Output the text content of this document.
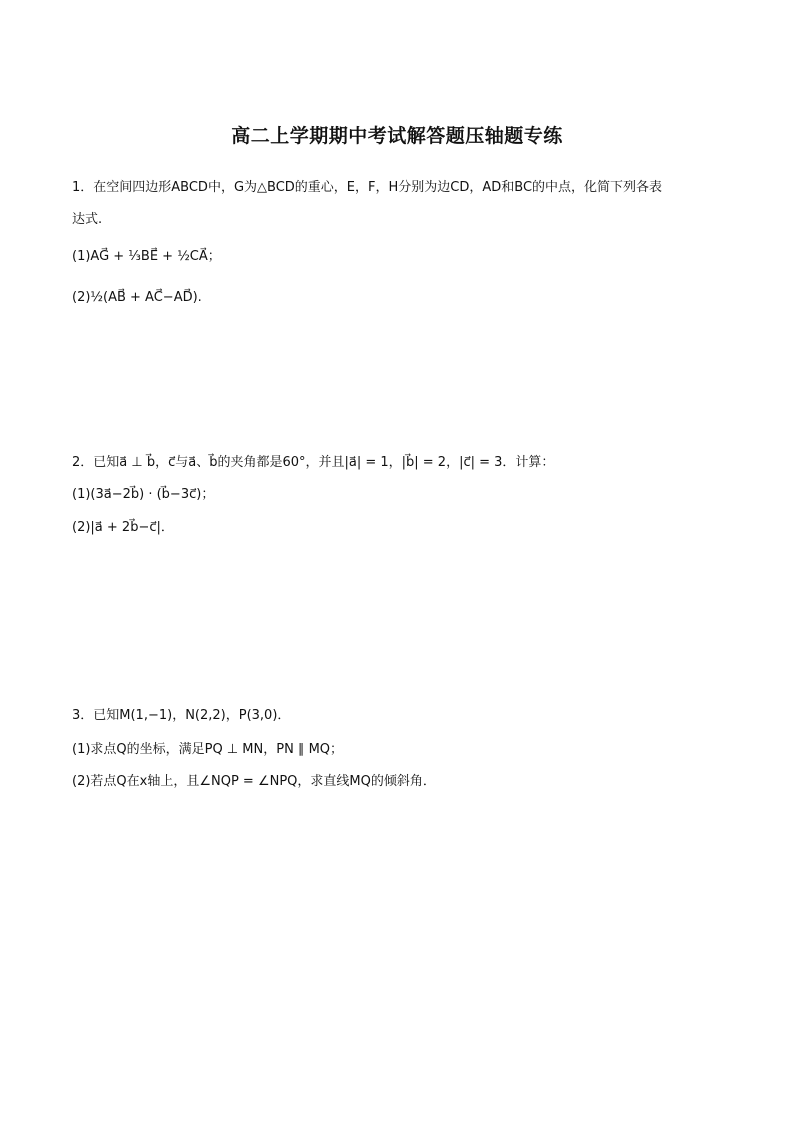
高二上学期期中考试解答题压轴题专练
1．在空间四边形ABCD中，G为△BCD的重心，E，F，H分别为边CD，AD和BC的中点，化简下列各表
达式.
(1)AG⃗ + ⅓BE⃗ + ½CA⃗；
(2)½(AB⃗ + AC⃗−AD⃗).
2．已知a⃗ ⊥ b⃗，c⃗与a⃗、b⃗的夹角都是60°，并且|a⃗| = 1，|b⃗| = 2，|c⃗| = 3．计算：
(1)(3a⃗−2b⃗) · (b⃗−3c⃗)；
(2)|a⃗ + 2b⃗−c⃗|．
3．已知M(1,−1)，N(2,2)，P(3,0)．
(1)求点Q的坐标，满足PQ ⊥ MN，PN ∥ MQ；
(2)若点Q在x轴上，且∠NQP = ∠NPQ，求直线MQ的倾斜角．
